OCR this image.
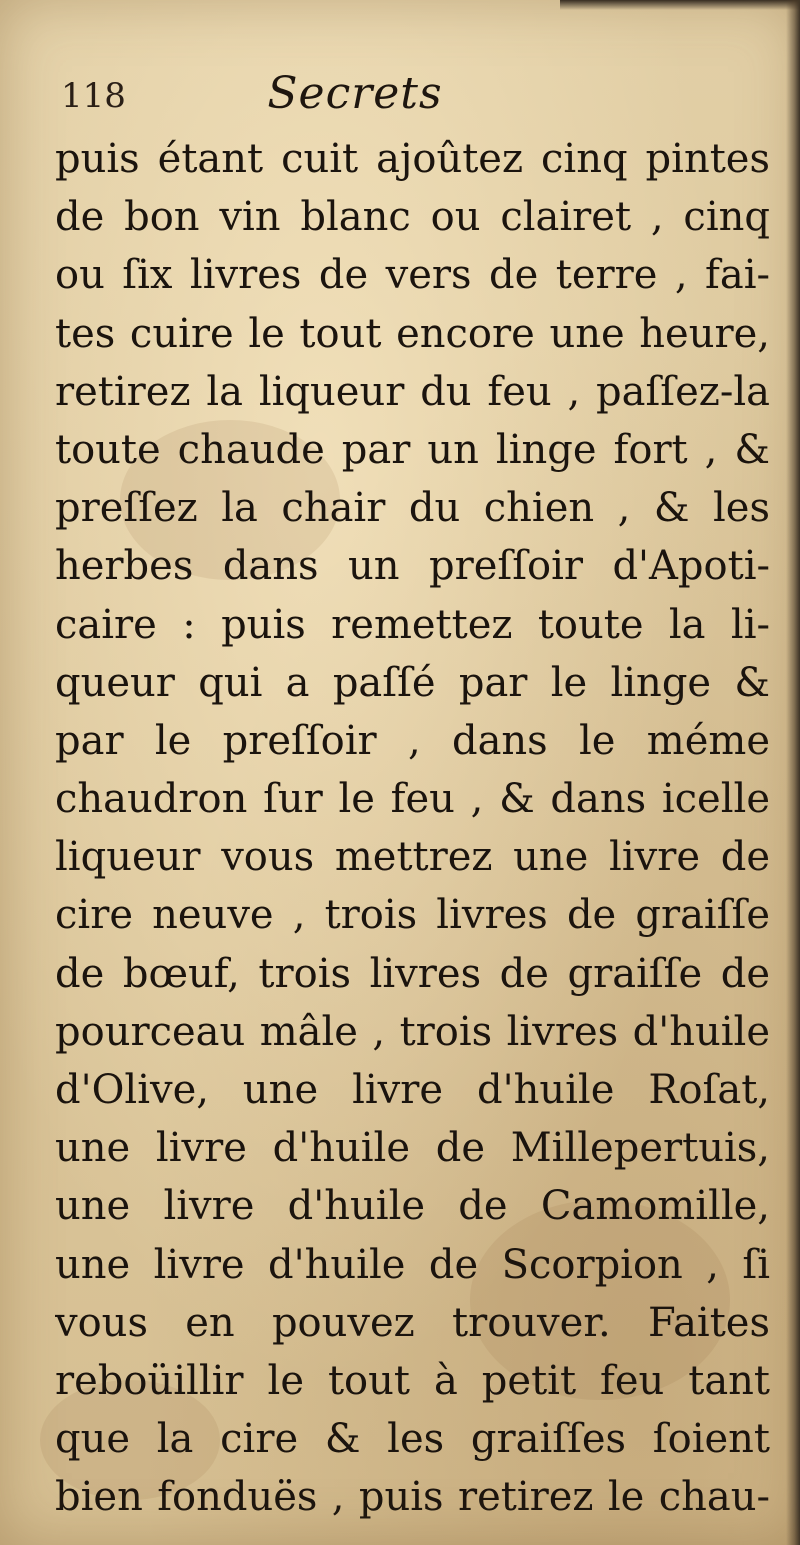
118	Secrets
puis étant cuit ajoûtez cinq pintes
de bon vin blanc ou clairet , cinq
ou ſix livres de vers de terre , fai-
tes cuire le tout encore une heure,
retirez la liqueur du feu , paſſez-la
toute chaude par un linge fort , &
preſſez la chair du chien , & les
herbes dans un preſſoir d'Apoti-
caire : puis remettez toute la li-
queur qui a paſſé par le linge &
par le preſſoir , dans le méme
chaudron ſur le feu , & dans icelle
liqueur vous mettrez une livre de
cire neuve , trois livres de graiſſe
de bœuf, trois livres de graiſſe de
pourceau mâle , trois livres d'huile
d'Olive, une livre d'huile Roſat,
une livre d'huile de Millepertuis,
une livre d'huile de Camomille,
une livre d'huile de Scorpion , ſi
vous en pouvez trouver. Faites
reboüillir le tout à petit feu tant
que la cire & les graiſſes ſoient
bien fonduës , puis retirez le chau-
